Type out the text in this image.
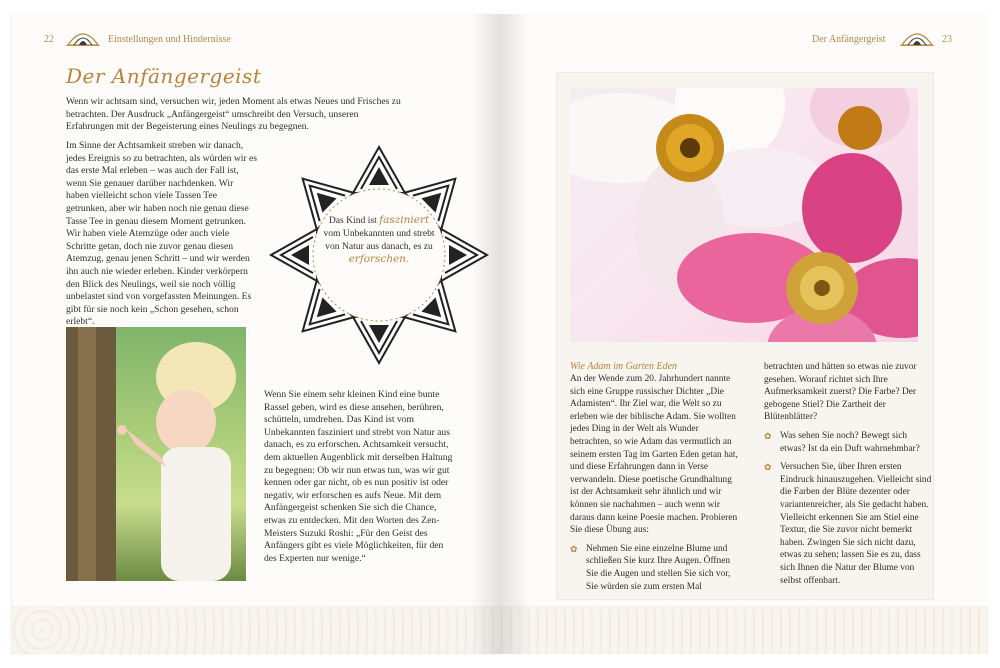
22	Einstellungen und Hindernisse	Der Anfängergeist	23
Der Anfängergeist

Wenn wir achtsam sind, versuchen wir, jeden Moment als etwas Neues und Frisches zu betrachten. Der Ausdruck „Anfängergeist“ umschreibt den Versuch, unseren Erfahrungen mit der Begeisterung eines Neulings zu begegnen.

Im Sinne der Achtsamkeit streben wir danach, jedes Ereignis so zu betrachten, als würden wir es das erste Mal erleben – was auch der Fall ist, wenn Sie genauer darüber nachdenken. Wir haben vielleicht schon viele Tassen Tee getrunken, aber wir haben noch nie genau diese Tasse Tee in genau diesem Moment getrunken. Wir haben viele Atemzüge oder auch viele Schritte getan, doch nie zuvor genau diesen Atemzug, genau jenen Schritt – und wir werden ihn auch nie wieder erleben. Kinder verkörpern den Blick des Neulings, weil sie noch völlig unbelastet sind von vorgefassten Meinungen. Es gibt für sie noch kein „Schon gesehen, schon erlebt“.

Das Kind ist fasziniert vom Unbekannten und strebt von Natur aus danach, es zu erforschen.

Wenn Sie einem sehr kleinen Kind eine bunte Rassel geben, wird es diese ansehen, berühren, schütteln, umdrehen. Das Kind ist vom Unbekannten fasziniert und strebt von Natur aus danach, es zu erforschen. Achtsamkeit versucht, dem aktuellen Augenblick mit derselben Haltung zu begegnen: Ob wir nun etwas tun, was wir gut kennen oder gar nicht, ob es nun positiv ist oder negativ, wir erforschen es aufs Neue. Mit dem Anfängergeist schenken Sie sich die Chance, etwas zu entdecken. Mit den Worten des Zen-Meisters Suzuki Roshi: „Für den Geist des Anfängers gibt es viele Möglichkeiten, für den des Experten nur wenige.“

Wie Adam im Garten Eden

An der Wende zum 20. Jahrhundert nannte sich eine Gruppe russischer Dichter „Die Adamisten“. Ihr Ziel war, die Welt so zu erleben wie der biblische Adam. Sie wollten jedes Ding in der Welt als Wunder betrachten, so wie Adam das vermutlich an seinem ersten Tag im Garten Eden getan hat, und diese Erfahrungen dann in Verse verwandeln. Diese poetische Grundhaltung ist der Achtsamkeit sehr ähnlich und wir können sie nachahmen – auch wenn wir daraus dann keine Poesie machen. Probieren Sie diese Übung aus:

✿ Nehmen Sie eine einzelne Blume und schließen Sie kurz Ihre Augen. Öffnen Sie die Augen und stellen Sie sich vor, Sie würden sie zum ersten Mal

betrachten und hätten so etwas nie zuvor gesehen. Worauf richtet sich Ihre Aufmerksamkeit zuerst? Die Farbe? Der gebogene Stiel? Die Zartheit der Blütenblätter?

✿ Was sehen Sie noch? Bewegt sich etwas? Ist da ein Duft wahrnehmbar?
✿ Versuchen Sie, über Ihren ersten Eindruck hinauszugehen. Vielleicht sind die Farben der Blüte dezenter oder variantenreicher, als Sie gedacht haben. Vielleicht erkennen Sie am Stiel eine Textur, die Sie zuvor nicht bemerkt haben. Zwingen Sie sich nicht dazu, etwas zu sehen; lassen Sie es zu, dass sich Ihnen die Natur der Blume von selbst offenbart.
